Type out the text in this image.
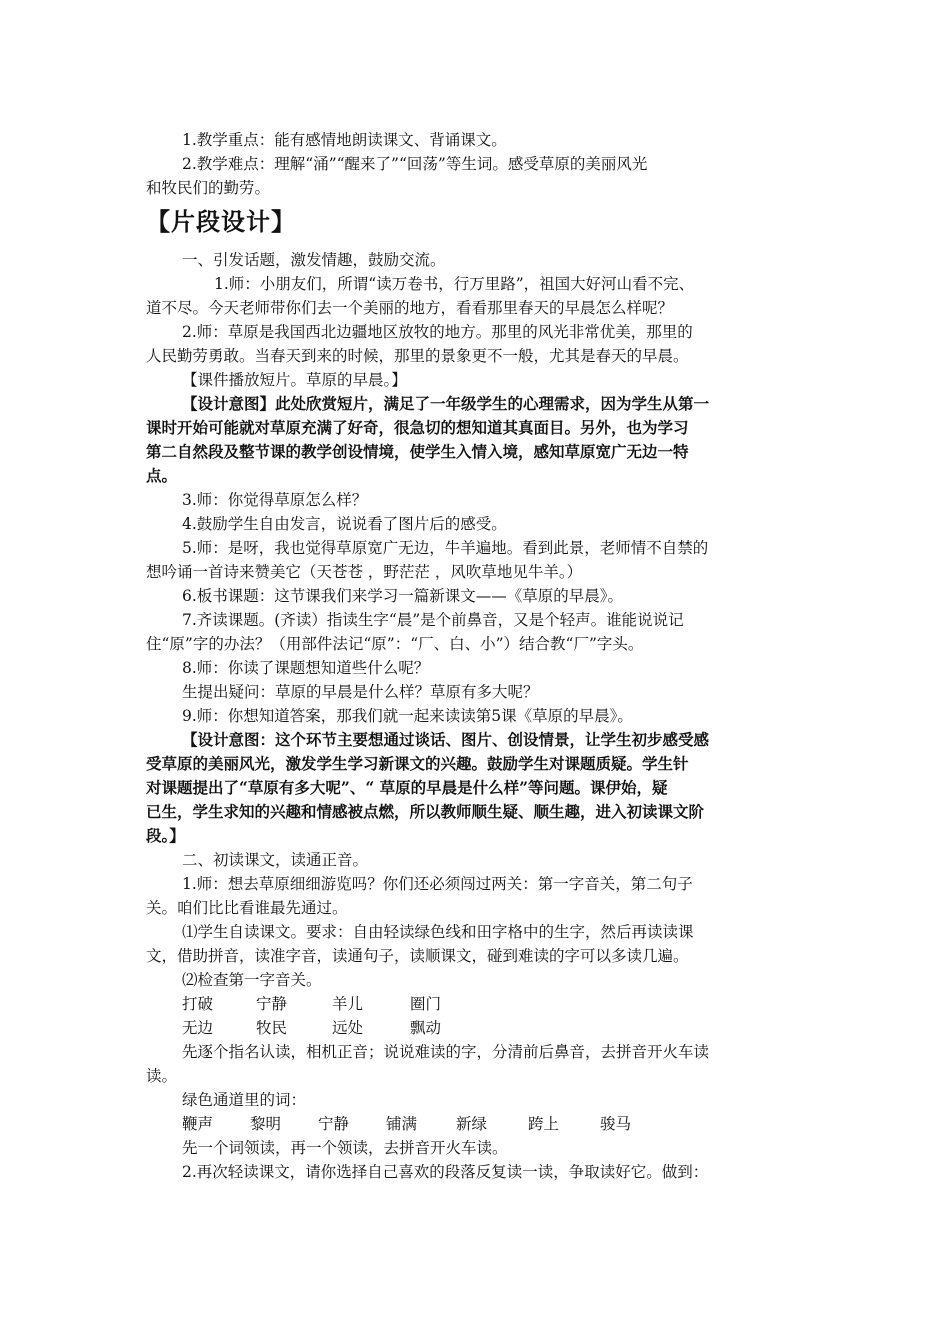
1.教学重点：能有感情地朗读课文、背诵课文。
2.教学难点：理解“涌”“醒来了”“回荡”等生词。感受草原的美丽风光
和牧民们的勤劳。
【片段设计】
一、引发话题，激发情趣，鼓励交流。
1.师：小朋友们，所谓“读万卷书，行万里路”，祖国大好河山看不完、
道不尽。今天老师带你们去一个美丽的地方，看看那里春天的早晨怎么样呢？
2.师：草原是我国西北边疆地区放牧的地方。那里的风光非常优美，那里的
人民勤劳勇敢。当春天到来的时候，那里的景象更不一般，尤其是春天的早晨。
【课件播放短片。草原的早晨。】
【设计意图】此处欣赏短片，满足了一年级学生的心理需求，因为学生从第一
课时开始可能就对草原充满了好奇，很急切的想知道其真面目。另外，也为学习
第二自然段及整节课的教学创设情境，使学生入情入境，感知草原宽广无边一特
点。
3.师：你觉得草原怎么样？
4.鼓励学生自由发言，说说看了图片后的感受。
5.师：是呀，我也觉得草原宽广无边，牛羊遍地。看到此景，老师情不自禁的
想吟诵一首诗来赞美它（天苍苍 ，野茫茫 ，风吹草地见牛羊。）
6.板书课题：这节课我们来学习一篇新课文——《草原的早晨》。
7.齐读课题。(齐读）指读生字“晨”是个前鼻音，又是个轻声。谁能说说记
住“原”字的办法？（用部件法记“原”：“厂、白、小”）结合教“厂”字头。
8.师：你读了课题想知道些什么呢？
生提出疑问：草原的早晨是什么样？草原有多大呢？
9.师：你想知道答案，那我们就一起来读读第5课《草原的早晨》。
【设计意图：这个环节主要想通过谈话、图片、创设情景，让学生初步感受感
受草原的美丽风光，激发学生学习新课文的兴趣。鼓励学生对课题质疑。学生针
对课题提出了“草原有多大呢”、“ 草原的早晨是什么样”等问题。课伊始，疑
已生，学生求知的兴趣和情感被点燃，所以教师顺生疑、顺生趣，进入初读课文阶
段。】
二、初读课文，读通正音。
1.师：想去草原细细游览吗？你们还必须闯过两关：第一字音关，第二句子
关。咱们比比看谁最先通过。
⑴学生自读课文。要求：自由轻读绿色线和田字格中的生字，然后再读读课
文，借助拼音，读准字音，读通句子，读顺课文，碰到难读的字可以多读几遍。
⑵检查第一字音关。
打破	宁静	羊儿	圈门
无边	牧民	远处	飘动
先逐个指名认读，相机正音；说说难读的字，分清前后鼻音，去拼音开火车读
读。
绿色通道里的词：
鞭声 黎明 宁静 铺满	新绿	跨上	骏马
先一个词领读，再一个领读，去拼音开火车读。
2.再次轻读课文，请你选择自己喜欢的段落反复读一读，争取读好它。做到：
